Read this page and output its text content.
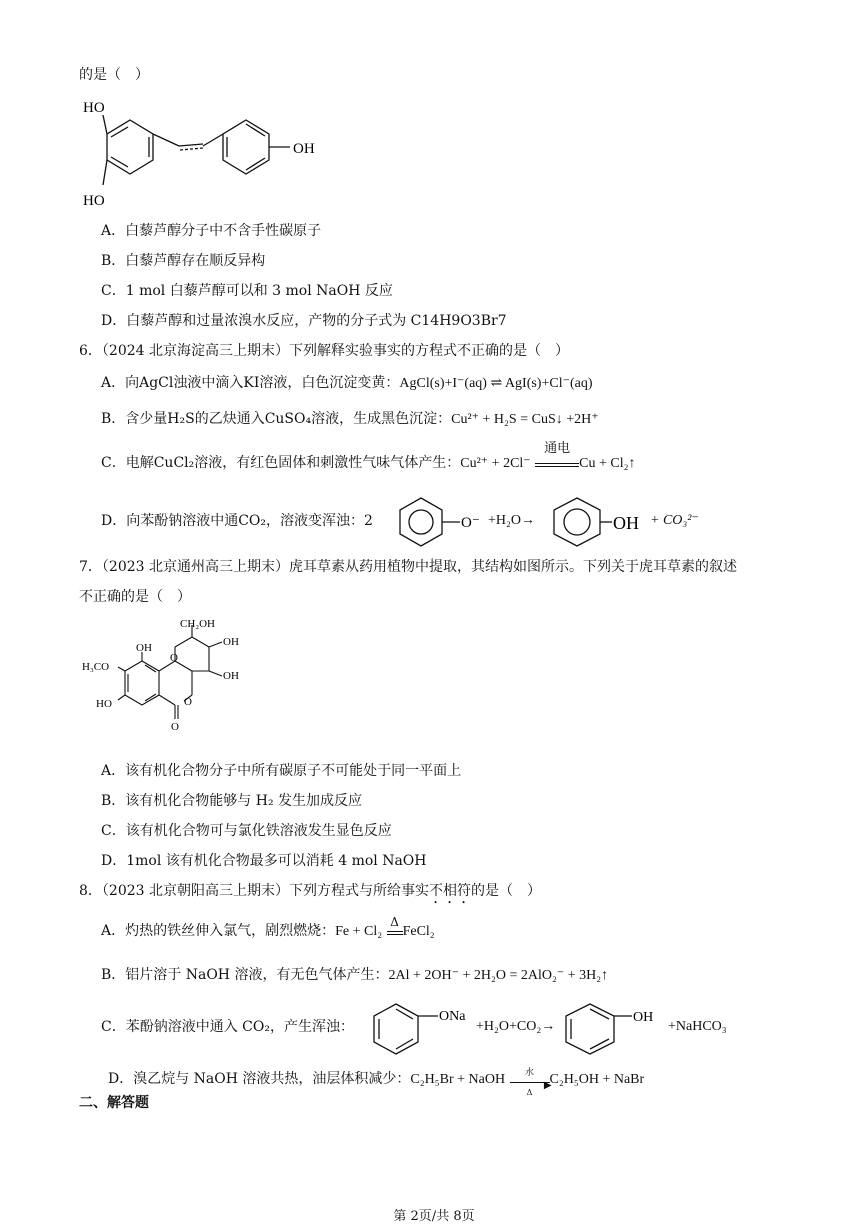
的是（　）
HO
HO
OH
A．白藜芦醇分子中不含手性碳原子
B．白藜芦醇存在顺反异构
C．1 mol 白藜芦醇可以和 3 mol NaOH 反应
D．白藜芦醇和过量浓溴水反应，产物的分子式为 C14H9O3Br7
6．（2024 北京海淀高三上期末）下列解释实验事实的方程式不正确的是（　）
A．向AgCl浊液中滴入KI溶液，白色沉淀变黄：AgCl(s)+I⁻(aq) ⇌ AgI(s)+Cl⁻(aq)
B．含少量H₂S的乙炔通入CuSO₄溶液，生成黑色沉淀：Cu²⁺ + H₂S = CuS↓ +2H⁺
C．电解CuCl₂溶液，有红色固体和刺激性气味气体产生：Cu²⁺ + 2Cl⁻
通电
Cu + Cl₂↑
D．向苯酚钠溶液中通CO₂，溶液变浑浊：2	O⁻ +H₂O→	OH + CO₃²⁻
7．（2023 北京通州高三上期末）虎耳草素从药用植物中提取，其结构如图所示。下列关于虎耳草素的叙述
不正确的是（　）
CH₂OH
OH
OH
OH
O
O
O
H₃CO
HO
A．该有机化合物分子中所有碳原子不可能处于同一平面上
B．该有机化合物能够与 H₂ 发生加成反应
C．该有机化合物可与氯化铁溶液发生显色反应
D．1mol 该有机化合物最多可以消耗 4 mol NaOH
8．（2023 北京朝阳高三上期末）下列方程式与所给事实不相符的是（　）
A．灼热的铁丝伸入氯气，剧烈燃烧：Fe + Cl₂
Δ
FeCl₂
B．铝片溶于 NaOH 溶液，有无色气体产生：2Al + 2OH⁻ + 2H₂O = 2AlO₂⁻ + 3H₂↑
C．苯酚钠溶液中通入 CO₂，产生浑浊：
ONa
+H₂O+CO₂→
OH
+NaHCO₃
D．溴乙烷与 NaOH 溶液共热，油层体积减少：C₂H₅Br + NaOH	水
▶
Δ
C₂H₅OH + NaBr
二、解答题
第 2页/共 8页
